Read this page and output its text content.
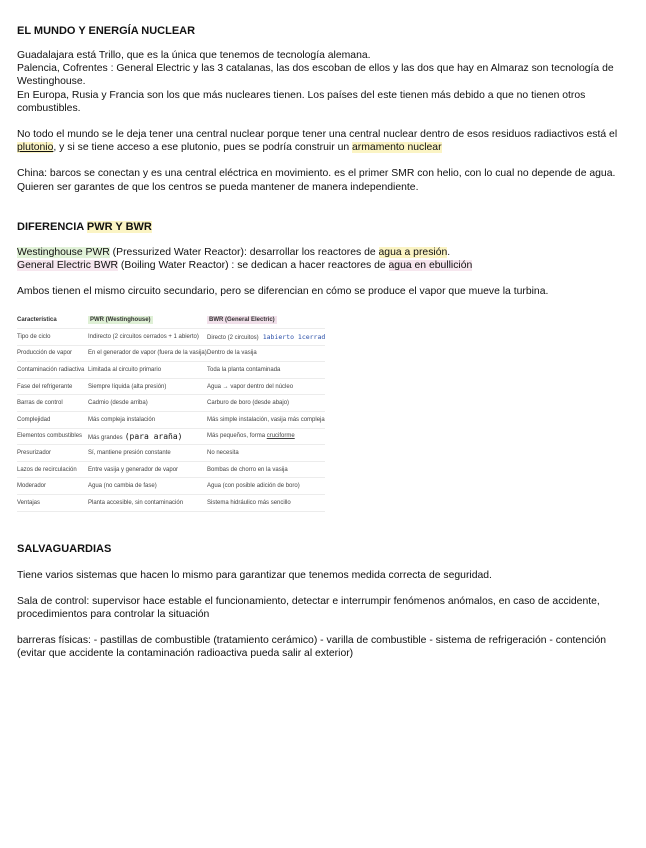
EL MUNDO Y ENERGÍA NUCLEAR

Guadalajara está Trillo, que es la única que tenemos de tecnología alemana.

Palencia, Cofrentes : General Electric y las 3 catalanas, las dos escoban de ellos y las dos que hay en Almaraz son tecnología de Westinghouse.

En Europa, Rusia y Francia son los que más nucleares tienen. Los países del este tienen más debido a que no tienen otros combustibles.

No todo el mundo se le deja tener una central nuclear porque tener una central nuclear dentro de esos residuos radiactivos está el plutonio, y si se tiene acceso a ese plutonio, pues se podría construir un armamento nuclear

China: barcos se conectan y es una central eléctrica en movimiento. es el primer SMR con helio, con lo cual no depende de agua. Quieren ser garantes de que los centros se pueda mantener de manera independiente.

DIFERENCIA PWR Y BWR

Westinghouse PWR (Pressurized Water Reactor): desarrollar los reactores de agua a presión.

General Electric BWR (Boiling Water Reactor) : se dedican a hacer reactores de agua en ebullición

Ambos tienen el mismo circuito secundario, pero se diferencian en cómo se produce el vapor que mueve la turbina.

Característica	PWR (Westinghouse)	BWR (General Electric)
Tipo de ciclo	Indirecto (2 circuitos cerrados + 1 abierto)	Directo (2 circuitos) 1abierto 1cerrad
Producción de vapor	En el generador de vapor (fuera de la vasija)	Dentro de la vasija
Contaminación radiactiva	Limitada al circuito primario	Toda la planta contaminada
Fase del refrigerante	Siempre líquida (alta presión)	Agua → vapor dentro del núcleo
Barras de control	Cadmio (desde arriba)	Carburo de boro (desde abajo)
Complejidad	Más compleja instalación	Más simple instalación, vasija más compleja
Elementos combustibles	Más grandes (para araña)	Más pequeños, forma cruciforme
Presurizador	Sí, mantiene presión constante	No necesita
Lazos de recirculación	Entre vasija y generador de vapor	Bombas de chorro en la vasija
Moderador	Agua (no cambia de fase)	Agua (con posible adición de boro)
Ventajas	Planta accesible, sin contaminación	Sistema hidráulico más sencillo
SALVAGUARDIAS

Tiene varios sistemas que hacen lo mismo para garantizar que tenemos medida correcta de seguridad.

Sala de control: supervisor hace estable el funcionamiento, detectar e interrumpir fenómenos anómalos, en caso de accidente, procedimientos para controlar la situación

barreras físicas: - pastillas de combustible (tratamiento cerámico) - varilla de combustible - sistema de refrigeración - contención (evitar que accidente la contaminación radioactiva pueda salir al exterior)
